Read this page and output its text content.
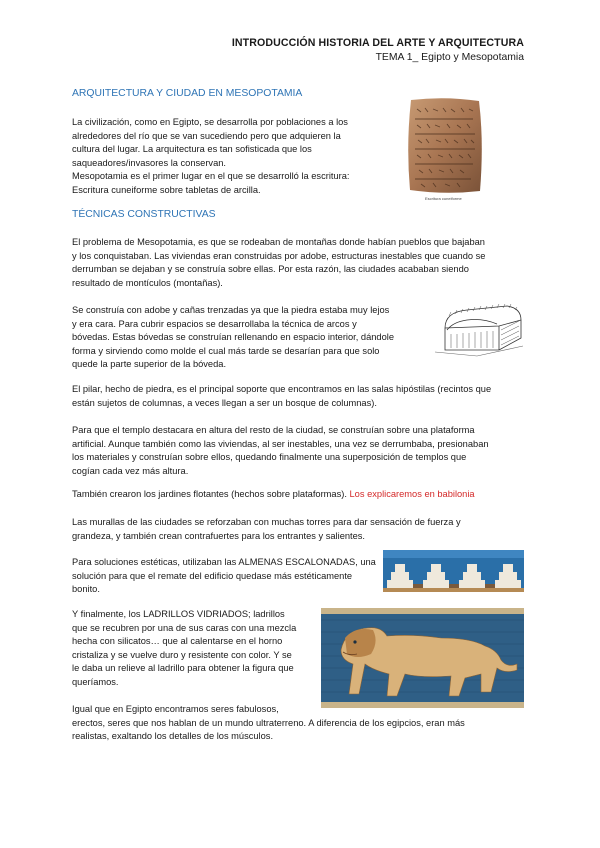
INTRODUCCIÓN HISTORIA DEL ARTE Y ARQUITECTURA
TEMA 1_ Egipto y Mesopotamia
ARQUITECTURA Y CIUDAD EN MESOPOTAMIA
La civilización, como en Egipto, se desarrolla por poblaciones a los
alrededores del río que se van sucediendo pero que adquieren la
cultura del lugar. La arquitectura es tan sofisticada que los
saqueadores/invasores la conservan.
Mesopotamia es el primer lugar en el que se desarrolló la escritura:
Escritura cuneiforme sobre tabletas de arcilla.
Escritura cuneiforme
TÉCNICAS CONSTRUCTIVAS
El problema de Mesopotamia, es que se rodeaban de montañas donde habían pueblos que bajaban
y los conquistaban. Las viviendas eran construidas por adobe, estructuras inestables que cuando se
derrumban se dejaban y se construía sobre ellas. Por esta razón, las ciudades acababan siendo
resultado de montículos (montañas).
Se construía con adobe y cañas trenzadas ya que la piedra estaba muy lejos
y era cara. Para cubrir espacios se desarrollaba la técnica de arcos y
bóvedas. Estas bóvedas se construían rellenando en espacio interior, dándole
forma y sirviendo como molde el cual más tarde se desarían para que solo
quede la parte superior de la bóveda.
El pilar, hecho de piedra, es el principal soporte que encontramos en las salas hipóstilas (recintos que
están sujetos de columnas, a veces llegan a ser un bosque de columnas).
Para que el templo destacara en altura del resto de la ciudad, se construían sobre una plataforma
artificial. Aunque también como las viviendas, al ser inestables, una vez se derrumbaba, presionaban
los materiales y construían sobre ellos, quedando finalmente una superposición de templos que
cogían cada vez más altura.
También crearon los jardines flotantes (hechos sobre plataformas). Los explicaremos en babilonia
Las murallas de las ciudades se reforzaban con muchas torres para dar sensación de fuerza y
grandeza, y también crean contrafuertes para los entrantes y salientes.
Para soluciones estéticas, utilizaban las ALMENAS ESCALONADAS, una
solución para que el remate del edificio quedase más estéticamente
bonito.
Y finalmente, los LADRILLOS VIDRIADOS; ladrillos
que se recubren por una de sus caras con una mezcla
hecha con silicatos… que al calentarse en el horno
cristaliza y se vuelve duro y resistente con color. Y se
le daba un relieve al ladrillo para obtener la figura que
queríamos.
Igual que en Egipto encontramos seres fabulosos,
erectos, seres que nos hablan de un mundo ultraterreno. A diferencia de los egipcios, eran más
realistas, exaltando los detalles de los músculos.
